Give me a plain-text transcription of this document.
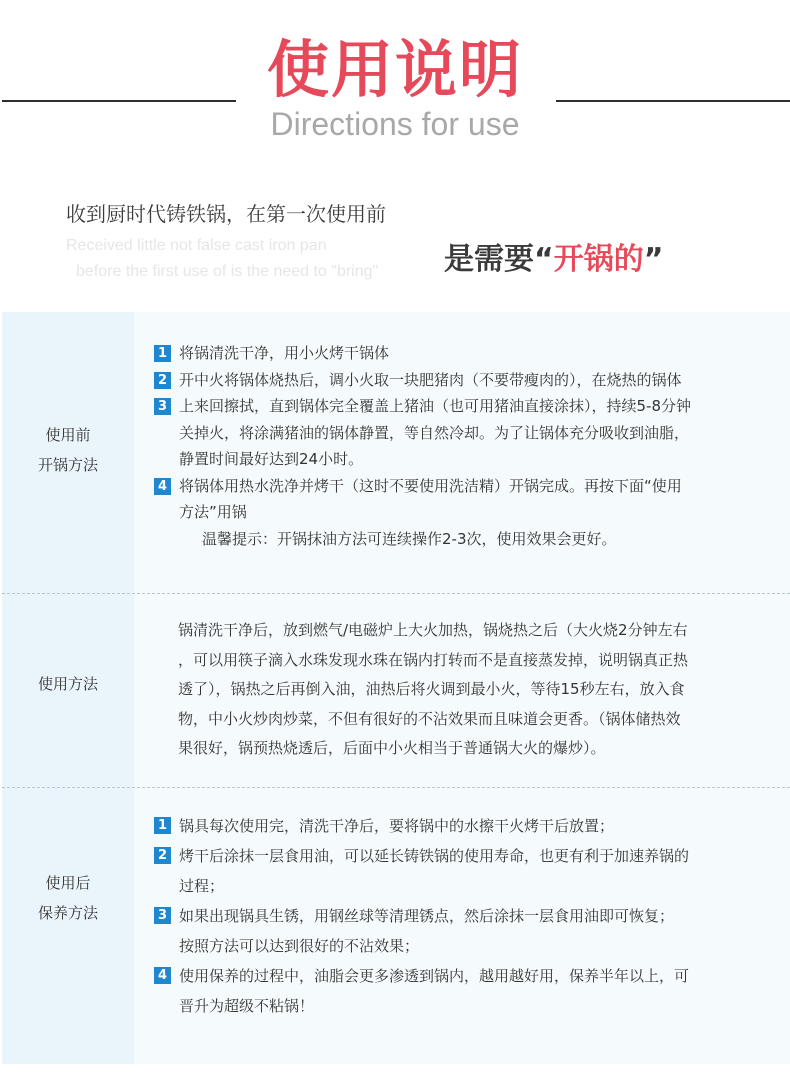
使用说明
Directions for use
收到厨时代铸铁锅，在第一次使用前
Received little not false cast iron pan
before the first use of is the need to "bring" 是需要“开锅的”
使用前
开锅方法
1 将锅清洗干净，用小火烤干锅体
2 开中火将锅体烧热后，调小火取一块肥猪肉（不要带瘦肉的），在烧热的锅体
3 上来回擦拭，直到锅体完全覆盖上猪油（也可用猪油直接涂抹），持续5-8分钟
关掉火，将涂满猪油的锅体静置，等自然冷却。为了让锅体充分吸收到油脂，
静置时间最好达到24小时。
4 将锅体用热水洗净并烤干（这时不要使用洗洁精）开锅完成。再按下面“使用
方法”用锅
温馨提示：开锅抹油方法可连续操作2-3次，使用效果会更好。
使用方法
锅清洗干净后，放到燃气/电磁炉上大火加热，锅烧热之后（大火烧2分钟左右
，可以用筷子滴入水珠发现水珠在锅内打转而不是直接蒸发掉，说明锅真正热
透了），锅热之后再倒入油，油热后将火调到最小火，等待15秒左右，放入食
物，中小火炒肉炒菜，不但有很好的不沾效果而且味道会更香。（锅体储热效
果很好，锅预热烧透后，后面中小火相当于普通锅大火的爆炒）。
使用后
保养方法
1 锅具每次使用完，清洗干净后，要将锅中的水擦干火烤干后放置；
2 烤干后涂抹一层食用油，可以延长铸铁锅的使用寿命，也更有利于加速养锅的
过程；
3 如果出现锅具生锈，用钢丝球等清理锈点，然后涂抹一层食用油即可恢复；
按照方法可以达到很好的不沾效果；
4 使用保养的过程中，油脂会更多渗透到锅内，越用越好用，保养半年以上，可
晋升为超级不粘锅！
